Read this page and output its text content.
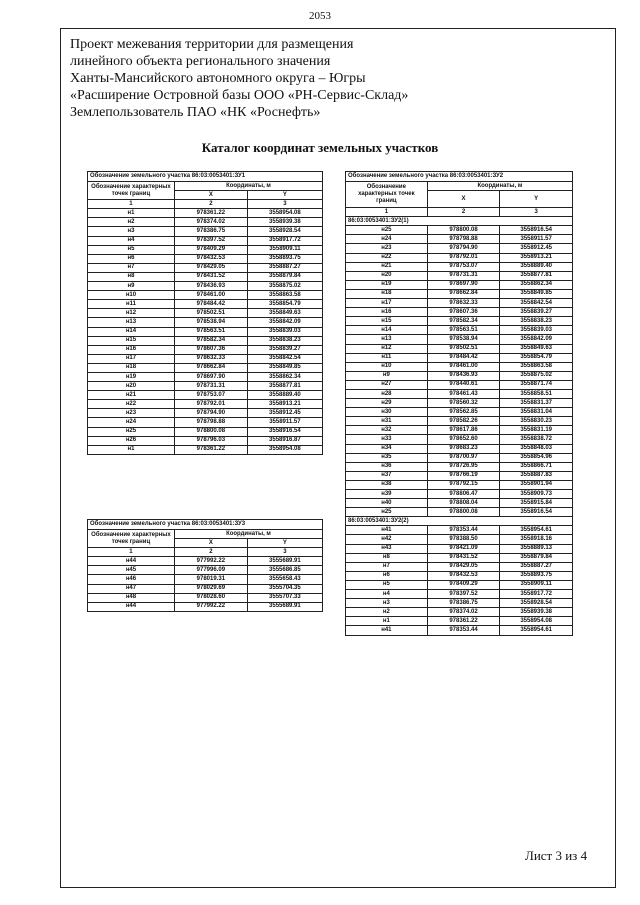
2053
Проект межевания территории для размещения
линейного объекта регионального значения
Ханты-Мансийского автономного округа – Югры
«Расширение Островной базы ООО «РН-Сервис-Склад»
Землепользователь ПАО «НК «Роснефть»
Каталог координат земельных участков
Обозначение земельного участка 86:03:0053401:ЗУ1		
Обозначение характерных точек границ	Координаты, м	
	X	Y
1	2	3
н1	978361.22	3558954.08
н2	978374.02	3558939.38
н3	978386.75	3558928.54
н4	978397.52	3558917.72
н5	978409.29	3558909.11
н6	978432.53	3558893.75
н7	978429.05	3558887.27
н8	978431.52	3558879.84
н9	978436.93	3558875.02
н10	978461.00	3558863.58
н11	978484.42	3558854.79
н12	978502.51	3558849.63
н13	978538.94	3558842.09
н14	978563.51	3558839.03
н15	978582.34	3558838.23
н16	978607.36	3558839.27
н17	978632.33	3558842.54
н18	978662.84	3558849.85
н19	978697.90	3558862.34
н20	978731.31	3558877.81
н21	978753.07	3558889.40
н22	978792.01	3558913.21
н23	978794.90	3558912.45
н24	978798.88	3558911.57
н25	978800.08	3558916.54
н26	978796.03	3558916.87
н1	978361.22	3558954.08
Обозначение земельного участка 86:03:0053401:ЗУ2		
Обозначение характерных точек границ	Координаты, м	
	X	Y
1	2	3
86:03:0053401:ЗУ2(1)		
н25	978800.08	3558916.54
н24	978798.88	3558911.57
н23	978794.90	3558912.45
н22	978792.01	3558913.21
н21	978753.07	3558889.40
н20	978731.31	3558877.81
н19	978697.90	3558862.34
н18	978662.84	3558849.85
н17	978632.33	3558842.54
н16	978607.36	3558839.27
н15	978582.34	3558838.23
н14	978563.51	3558839.03
н13	978538.94	3558842.09
н12	978502.51	3558849.63
н11	978484.42	3558854.79
н10	978461.00	3558863.58
н9	978436.93	3558875.02
н27	978440.61	3558871.74
н28	978461.43	3558858.51
н29	978560.32	3558831.37
н30	978562.85	3558831.04
н31	978582.26	3558830.23
н32	978617.86	3558831.19
н33	978652.60	3558838.72
н34	978683.23	3558848.03
н35	978700.97	3558854.96
н36	978726.95	3558866.71
н37	978766.19	3558887.83
н38	978792.15	3558901.94
н39	978806.47	3558909.73
н40	978808.04	3558915.84
н25	978800.08	3558916.54
86:03:0053401:ЗУ2(2)		
н41	978353.44	3558954.61
н42	978388.50	3558918.16
н43	978421.09	3558889.13
н8	978431.52	3558879.84
н7	978429.05	3558887.27
н6	978432.53	3558893.75
н5	978409.29	3558909.11
н4	978397.52	3558917.72
н3	978386.75	3558928.54
н2	978374.02	3558939.38
н1	978361.22	3558954.08
н41	978353.44	3558954.61
Обозначение земельного участка 86:03:0053401:ЗУ3		
Обозначение характерных точек границ	Координаты, м	
	X	Y
1	2	3
н44	977992.22	3555689.91
н45	977996.09	3555686.85
н46	978019.31	3555658.43
н47	978029.69	3555704.35
н48	978028.60	3555707.33
н44	977992.22	3555689.91
Лист 3 из 4
